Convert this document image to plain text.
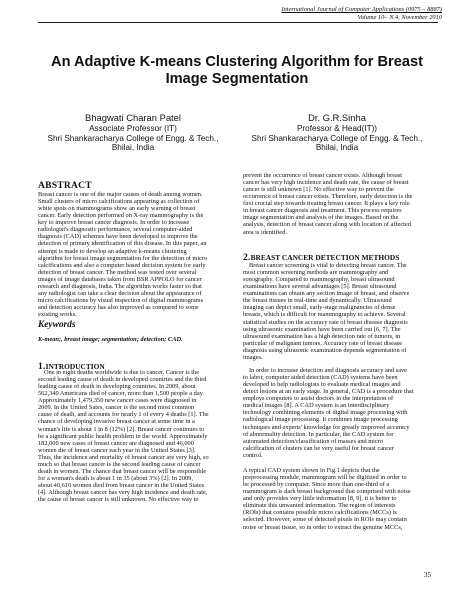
International Journal of Computer Applications (0975 – 8887)
Volume 10– N.4, November 2010
An Adaptive K-means Clustering Algorithm for Breast
Image Segmentation
Bhagwati Charan Patel
Associate Professor (IT)
Shri Shankaracharya College of Engg. & Tech.,
Bhilai, India
Dr. G.R.Sinha
Professor & Head(IT))
Shri Shankaracharya College of Engg. & Tech.,
Bhilai, India
ABSTRACT
Breast cancer is one of the major causes of death among women.
Small clusters of micro calcifications appearing as collection of
white spots on mammograms show an early warning of breast
cancer. Early detection performed on X-ray mammography is the
key to improve breast cancer diagnosis. In order to increase
radiologist's diagnostic performance, several computer-aided
diagnosis (CAD) schemes have been developed to improve the
detection of primary identification of this disease. In this paper, an
attempt is made to develop an adaptive k-means clustering
algorithm for breast image segmentation for the detection of micro
calcifications and also a computer based decision system for early
detection of breast cancer. The method was tested over several
images of image databases taken from BSR APPOLO for cancer
research and diagnosis, India. The algorithm works faster so that
any radiologist can take a clear decision about the appearance of
micro calcifications by visual inspection of digital mammograms
and detection accuracy has also improved as compared to some
existing works.
Keywords
K-mean;, breast image; segmentation; detection; CAD.
1.INTRODUCTION
One in eight deaths worldwide is due to cancer. Cancer is the
second leading cause of death in developed countries and the third
leading cause of death in developing countries. In 2009, about
562,340 Americans died of cancer, more than 1,500 people a day.
Approximately 1,479,350 new cancer cases were diagnosed in
2009. In the United Sates, cancer is the second most common
cause of death, and accounts for nearly 1 of every 4 deaths [1]. The
chance of developing invasive breast cancer at some time in a
woman's life is about 1 in 8 (12%) [2]. Breast cancer continues to
be a significant public health problem in the world. Approximately
182,000 new cases of breast cancer are diagnosed and 46,000
women die of breast cancer each year in the United States [3].
Thus, the incidence and mortality of breast cancer are very high, so
much so that breast cancer is the second leading cause of cancer
death in women. The chance that breast cancer will be responsible
for a woman's death is about 1 in 35 (about 3%) [2]. In 2009,
about 40,610 women died from breast cancer in the United States
[4]. Although breast cancer has very high incidence and death rate,
the cause of breast cancer is still unknown. No effective way to
prevent the occurrence of breast cancer exists. Although breast
cancer has very high incidence and death rate, the cause of breast
cancer is still unknown [1]. No effective way to prevent the
occurrence of breast cancer exists. Therefore, early detection is the
first crucial step towards treating breast cancer. It plays a key role
in breast cancer diagnosis and treatment. This process requires
image segmentation and analysis of the images. Based on the
analysis, detection of breast cancer along with location of affected
area is identified.
2.BREAST CANCER DETECTION METHODS
Breast cancer screening is vital to detecting breast cancer. The
most common screening methods are mammography and
sonography. Compared to mammography, breast ultrasound
examinations have several advantages [5]. Breast ultrasound
examinations can obtain any section image of breast, and observe
the breast tissues in real-time and dynamically. Ultrasound
imaging can depict small, early-stage malignancies of dense
breasts, which is difficult for mammography to achieve. Several
statistical studies on the accuracy rate of breast disease diagnosis
using ultrasonic examination have been carried out [6, 7]. The
ultrasound examination has a high detection rate of tumors, in
particular of malignant tumors. Accuracy rate of breast disease
diagnosis using ultrasonic examination depends segmentation of
images.
In order to increase detection and diagnosis accuracy and save
to labor, computer aided detection (CAD) systems have been
developed to help radiologists to evaluate medical images and
detect lesions at an early stage. In general, CAD is a procedure that
employs computers to assist doctors in the interpretation of
medical images [8]. A CAD system is an interdisciplinary
technology combining elements of digital image processing with
radiological image processing. It combines image processing
techniques and experts' knowledge for greatly improved accuracy
of abnormality detection. In particular, the CAD system for
automated detection/classification of masses and micro
calcification of clusters can be very useful for breast cancer
control.
A typical CAD system shown in Fig.1 depicts that the
preprocessing module, mammogram will be digitized in order to
be processed by computer. Since more than one-third of a
mammogram is dark breast background that comprised with noise
and only provides very little information [8, 9], it is better to
eliminate this unwanted information. The region of interests
(ROIs) that contains possible micro calcifications (MCCs) is
selected. However, some of detected pixels in ROIs may contain
noise or breast tissue, so in order to extract the genuine MCCs,
35
